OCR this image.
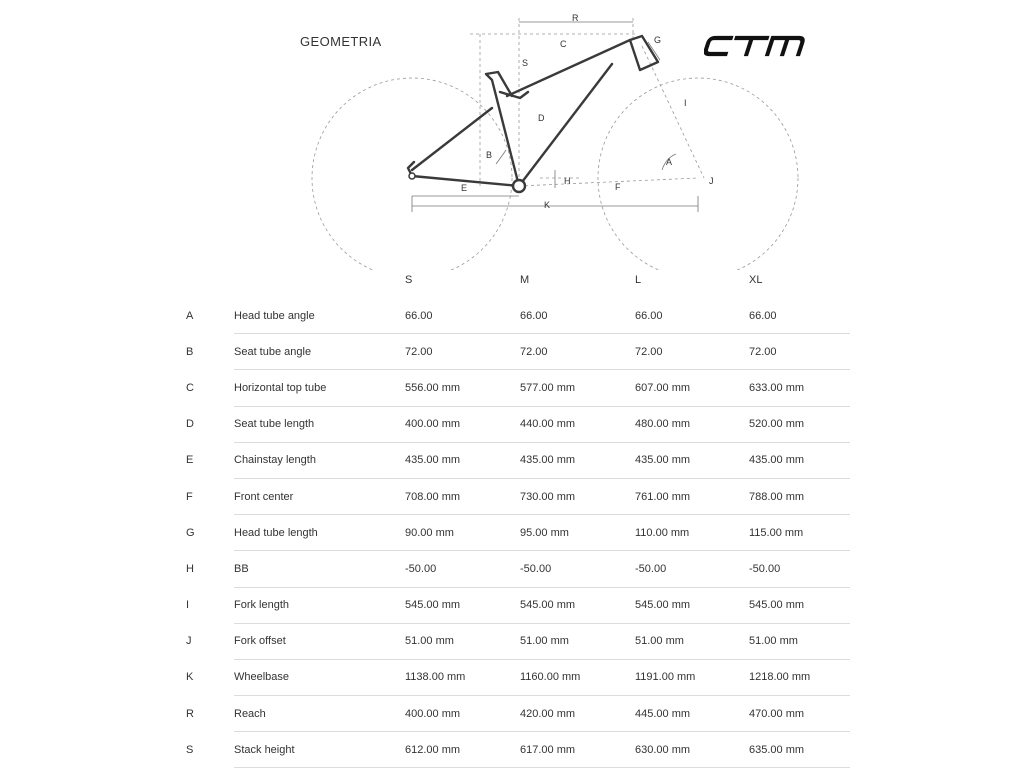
GEOMETRIA
R
C	G
S
I
D
A
B
H
E	F
J
K
		S	M	L	XL
A	Head tube angle	66.00	66.00	66.00	66.00
B	Seat tube angle	72.00	72.00	72.00	72.00
C	Horizontal top tube	556.00 mm	577.00 mm	607.00 mm	633.00 mm
D	Seat tube length	400.00 mm	440.00 mm	480.00 mm	520.00 mm
E	Chainstay length	435.00 mm	435.00 mm	435.00 mm	435.00 mm
F	Front center	708.00 mm	730.00 mm	761.00 mm	788.00 mm
G	Head tube length	90.00 mm	95.00 mm	110.00 mm	115.00 mm
H	BB	-50.00	-50.00	-50.00	-50.00
I	Fork length	545.00 mm	545.00 mm	545.00 mm	545.00 mm
J	Fork offset	51.00 mm	51.00 mm	51.00 mm	51.00 mm
K	Wheelbase	1138.00 mm	1160.00 mm	1191.00 mm	1218.00 mm
R	Reach	400.00 mm	420.00 mm	445.00 mm	470.00 mm
S	Stack height	612.00 mm	617.00 mm	630.00 mm	635.00 mm
